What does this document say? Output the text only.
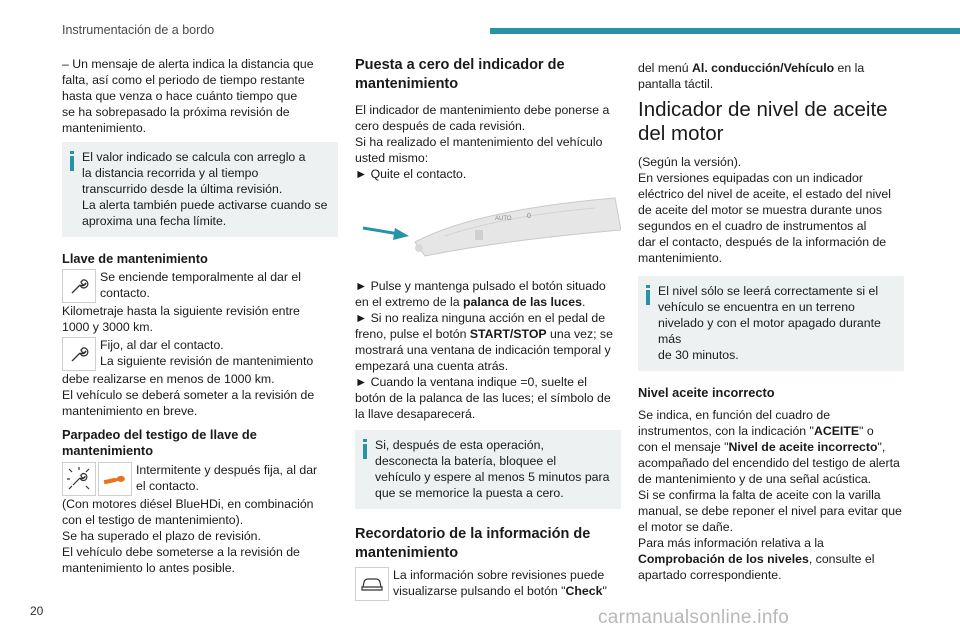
Instrumentación de a bordo

– Un mensaje de alerta indica la distancia que
falta, así como el periodo de tiempo restante
hasta que venza o hace cuánto tiempo que
se ha sobrepasado la próxima revisión de
mantenimiento.

El valor indicado se calcula con arreglo a
la distancia recorrida y al tiempo
transcurrido desde la última revisión.
La alerta también puede activarse cuando se
aproxima una fecha límite.
Llave de mantenimiento
Se enciende temporalmente al dar el
contacto.

Kilometraje hasta la siguiente revisión entre
1000 y 3000 km.

Fijo, al dar el contacto.
La siguiente revisión de mantenimiento

debe realizarse en menos de 1000 km.
El vehículo se deberá someter a la revisión de
mantenimiento en breve.

Parpadeo del testigo de llave de
mantenimiento
Intermitente y después fija, al dar
el contacto.

(Con motores diésel BlueHDi, en combinación
con el testigo de mantenimiento).
Se ha superado el plazo de revisión.
El vehículo debe someterse a la revisión de
mantenimiento lo antes posible.

Puesta a cero del indicador de
mantenimiento

El indicador de mantenimiento debe ponerse a
cero después de cada revisión.
Si ha realizado el mantenimiento del vehículo
usted mismo:
► Quite el contacto.

AUTO 0

► Pulse y mantenga pulsado el botón situado
en el extremo de la palanca de las luces.
► Si no realiza ninguna acción en el pedal de
freno, pulse el botón START/STOP una vez; se
mostrará una ventana de indicación temporal y
empezará una cuenta atrás.
► Cuando la ventana indique =0, suelte el
botón de la palanca de las luces; el símbolo de
la llave desaparecerá.

Si, después de esta operación,
desconecta la batería, bloquee el
vehículo y espere al menos 5 minutos para
que se memorice la puesta a cero.
Recordatorio de la información de
mantenimiento
La información sobre revisiones puede
visualizarse pulsando el botón "Check"

del menú Al. conducción/Vehículo en la
pantalla táctil.

Indicador de nivel de aceite
del motor

(Según la versión).
En versiones equipadas con un indicador
eléctrico del nivel de aceite, el estado del nivel
de aceite del motor se muestra durante unos
segundos en el cuadro de instrumentos al
dar el contacto, después de la información de
mantenimiento.

El nivel sólo se leerá correctamente si el
vehículo se encuentra en un terreno
nivelado y con el motor apagado durante más
de 30 minutos.
Nivel aceite incorrecto

Se indica, en función del cuadro de
instrumentos, con la indicación "ACEITE" o
con el mensaje "Nivel de aceite incorrecto",
acompañado del encendido del testigo de alerta
de mantenimiento y de una señal acústica.
Si se confirma la falta de aceite con la varilla
manual, se debe reponer el nivel para evitar que
el motor se dañe.
Para más información relativa a la
Comprobación de los niveles, consulte el
apartado correspondiente.

20	carmanualsonline.info
